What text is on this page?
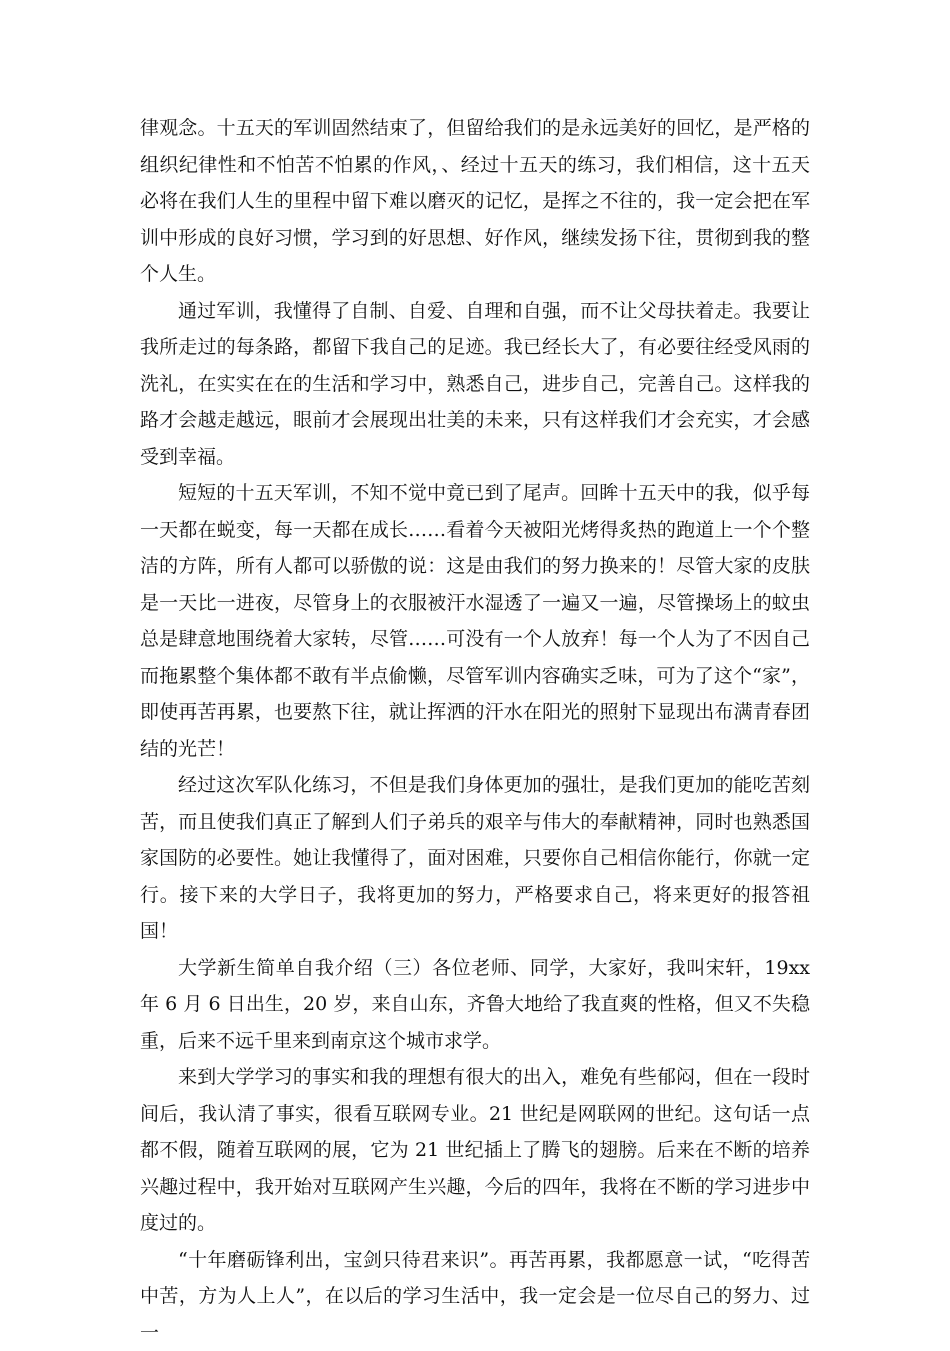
律观念。十五天的军训固然结束了，但留给我们的是永远美好的回忆，是严格的组织纪律性和不怕苦不怕累的作风，、经过十五天的练习，我们相信，这十五天必将在我们人生的里程中留下难以磨灭的记忆，是挥之不往的，我一定会把在军训中形成的良好习惯，学习到的好思想、好作风，继续发扬下往，贯彻到我的整个人生。

通过军训，我懂得了自制、自爱、自理和自强，而不让父母扶着走。我要让我所走过的每条路，都留下我自己的足迹。我已经长大了，有必要往经受风雨的洗礼，在实实在在的生活和学习中，熟悉自己，进步自己，完善自己。这样我的路才会越走越远，眼前才会展现出壮美的未来，只有这样我们才会充实，才会感受到幸福。

短短的十五天军训，不知不觉中竟已到了尾声。回眸十五天中的我，似乎每一天都在蜕变，每一天都在成长……看着今天被阳光烤得炙热的跑道上一个个整洁的方阵，所有人都可以骄傲的说：这是由我们的努力换来的！尽管大家的皮肤是一天比一进夜，尽管身上的衣服被汗水湿透了一遍又一遍，尽管操场上的蚊虫总是肆意地围绕着大家转，尽管……可没有一个人放弃！每一个人为了不因自己而拖累整个集体都不敢有半点偷懒，尽管军训内容确实乏味，可为了这个“家”，即使再苦再累，也要熬下往，就让挥洒的汗水在阳光的照射下显现出布满青春团结的光芒！

经过这次军队化练习，不但是我们身体更加的强壮，是我们更加的能吃苦刻苦，而且使我们真正了解到人们子弟兵的艰辛与伟大的奉献精神，同时也熟悉国家国防的必要性。她让我懂得了，面对困难，只要你自己相信你能行，你就一定行。接下来的大学日子，我将更加的努力，严格要求自己，将来更好的报答祖国！

大学新生简单自我介绍（三）各位老师、同学，大家好，我叫宋轩，19xx 年 6 月 6 日出生，20 岁，来自山东，齐鲁大地给了我直爽的性格，但又不失稳重，后来不远千里来到南京这个城市求学。

来到大学学习的事实和我的理想有很大的出入，难免有些郁闷，但在一段时间后，我认清了事实，很看互联网专业。21 世纪是网联网的世纪。这句话一点都不假，随着互联网的展，它为 21 世纪插上了腾飞的翅膀。后来在不断的培养兴趣过程中，我开始对互联网产生兴趣，今后的四年，我将在不断的学习进步中度过的。

“十年磨砺锋利出，宝剑只待君来识”。再苦再累，我都愿意一试，“吃得苦中苦，方为人上人”，在以后的学习生活中，我一定会是一位尽自己的努力、过一
